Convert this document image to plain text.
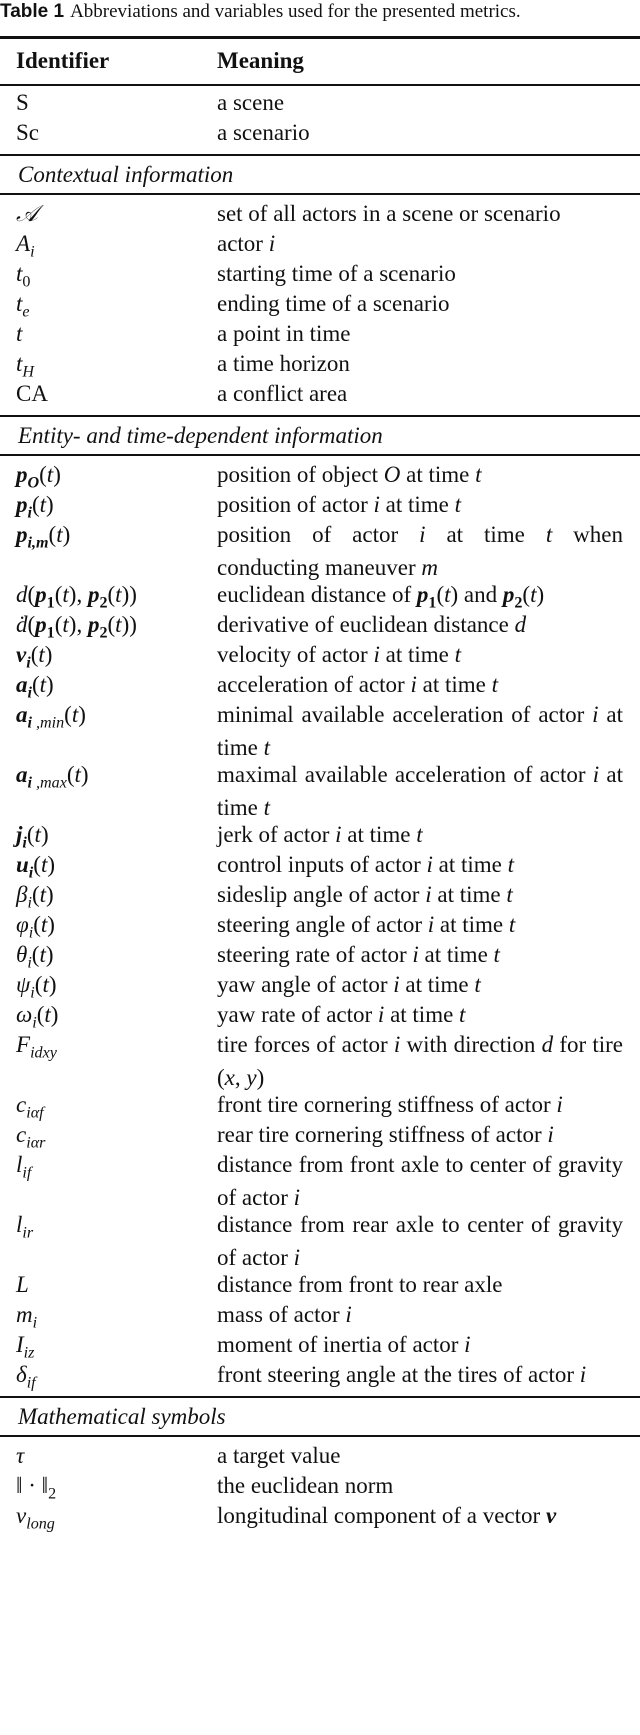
Table 1 Abbreviations and variables used for the presented metrics.
Identifier	Meaning
S	a scene
Sc	a scenario
Contextual information
𝒜	set of all actors in a scene or scenario
$A_i$	actor i
$t_0$	starting time of a scenario
$t_e$	ending time of a scenario
t	a point in time
$t_H$	a time horizon
CA	a conflict area
Entity- and time-dependent information
$p_O(t)$	position of object O at time t
$p_i(t)$	position of actor i at time t
$p_{i,m}(t)$	position of actor i at time t when conducting maneuver m
$d(p_1(t)$, $p_2(t)$)	euclidean distance of $p_1(t)$ and $p_2(t)$
$ḋ(p_1(t)$, $p_2(t)$)	derivative of euclidean distance d
$v_i(t)$	velocity of actor i at time t
$a_i(t)$	acceleration of actor i at time t
$a_{i ,min}(t)$	minimal available acceleration of actor i at time t
$a_{i ,max}(t)$	maximal available acceleration of actor i at time t
$j_i(t)$	jerk of actor i at time t
$u_i(t)$	control inputs of actor i at time t
$\beta_i(t)$	sideslip angle of actor i at time t
$\varphi_i(t)$	steering angle of actor i at time t
$\theta_i(t)$	steering rate of actor i at time t
$\psi_i(t)$	yaw angle of actor i at time t
$\omega_i(t)$	yaw rate of actor i at time t
$F_{idxy}$	tire forces of actor i with direction d for tire (x, y)
$c_{i\alpha f}$	front tire cornering stiffness of actor i
$c_{i\alpha r}$	rear tire cornering stiffness of actor i
$l_{if}$	distance from front axle to center of gravity of actor i
$l_{ir}$	distance from rear axle to center of gravity of actor i
L	distance from front to rear axle
$m_i$	mass of actor i
$I_{iz}$	moment of inertia of actor i
$\delta_{if}$	front steering angle at the tires of actor i
Mathematical symbols
τ	a target value
‖ · $‖_2$	the euclidean norm
$\nu_{long}$	longitudinal component of a vector ν
